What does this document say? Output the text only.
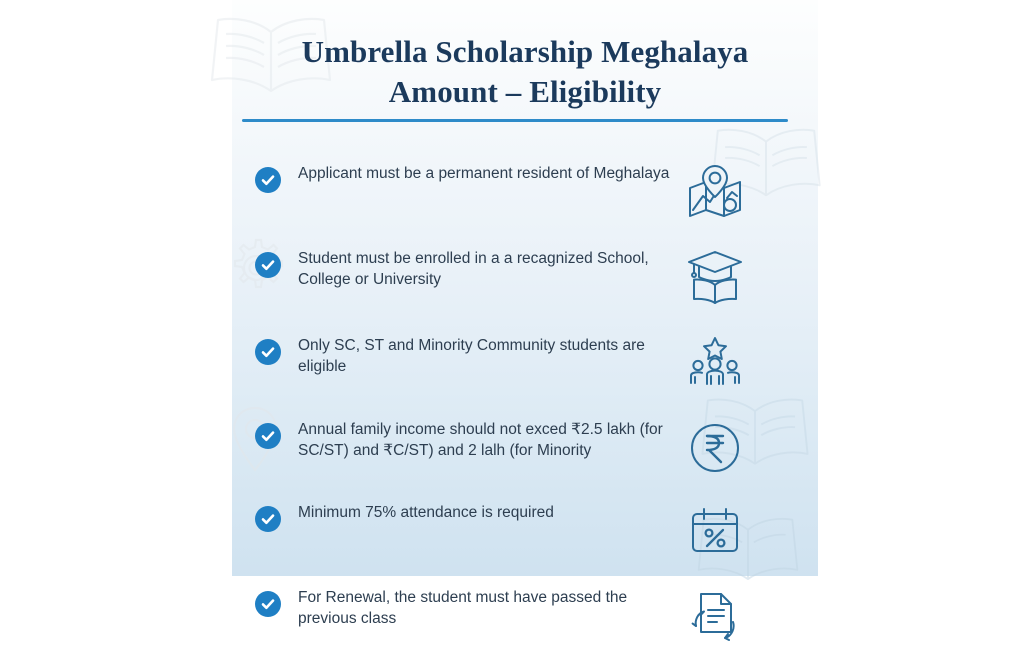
Umbrella Scholarship Meghalaya
Amount – Eligibility
Applicant must be a permanent resident of Meghalaya
Student must be enrolled in a a recagnized School, College or University
Only SC, ST and Minority Community students are eligible
Annual family income should not exced ₹2.5 lakh (for SC/ST) and ₹C/ST) and 2 lalh (for Minority
Minimum 75% attendance is required
For Renewal, the student must have passed the previous class
